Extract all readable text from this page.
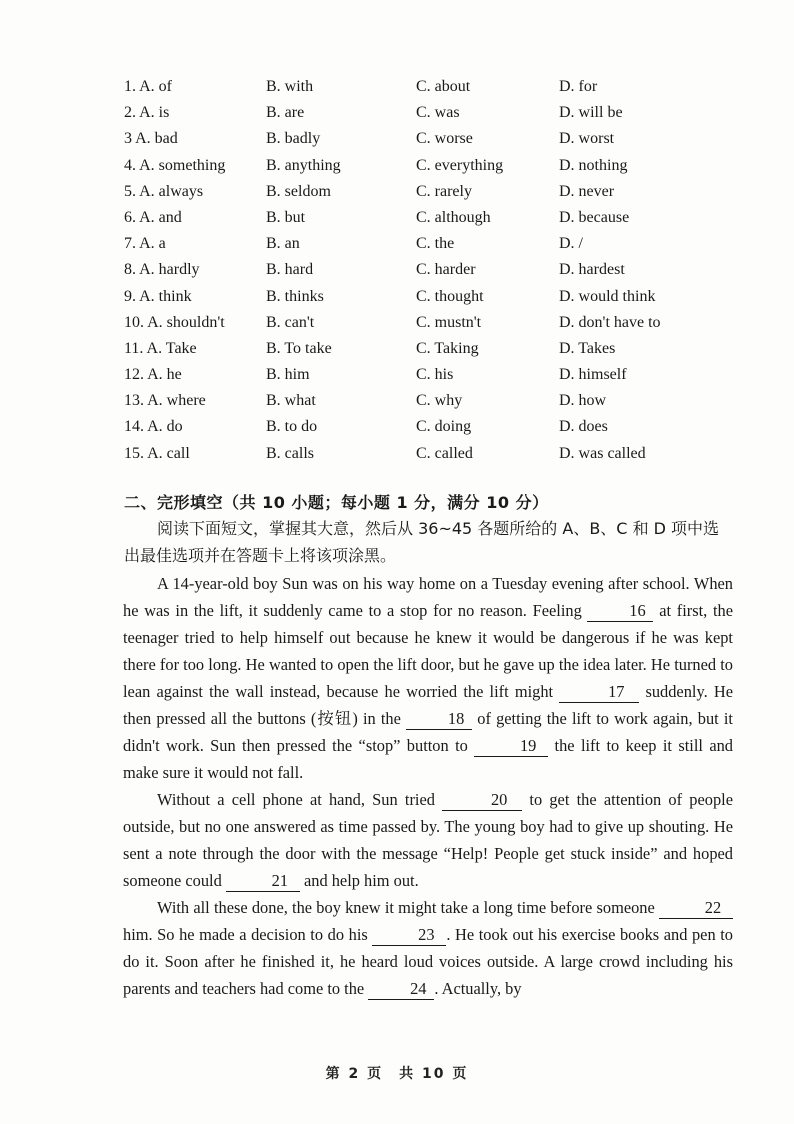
1. A. of	B. with	C. about	D. for
2. A. is	B. are	C. was	D. will be
3 A. bad	B. badly	C. worse	D. worst
4. A. something	B. anything	C. everything	D. nothing
5. A. always	B. seldom	C. rarely	D. never
6. A. and	B. but	C. although	D. because
7. A. a	B. an	C. the	D. /
8. A. hardly	B. hard	C. harder	D. hardest
9. A. think	B. thinks	C. thought	D. would think
10. A. shouldn't	B. can't	C. mustn't	D. don't have to
11. A. Take	B. To take	C. Taking	D. Takes
12. A. he	B. him	C. his	D. himself
13. A. where	B. what	C. why	D. how
14. A. do	B. to do	C. doing	D. does
15. A. call	B. calls	C. called	D. was called
二、完形填空（共 10 小题；每小题 1 分，满分 10 分）
阅读下面短文，掌握其大意，然后从 36~45 各题所给的 A、B、C 和 D 项中选出最佳选项并在答题卡上将该项涂黑。

A 14-year-old boy Sun was on his way home on a Tuesday evening after school. When he was in the lift, it suddenly came to a stop for no reason. Feeling	16 at first, the teenager tried to help himself out because he knew it would be dangerous if he was kept there for too long. He wanted to open the lift door, but he gave up the idea later. He turned to lean against the wall instead, because he worried the lift might	17 suddenly. He then pressed all the buttons (按钮) in the	18 of getting the lift to work again, but it didn't work. Sun then pressed the “stop” button to	19 the lift to keep it still and make sure it would not fall.

Without a cell phone at hand, Sun tried	20 to get the attention of people outside, but no one answered as time passed by. The young boy had to give up shouting. He sent a note through the door with the message “Help! People get stuck inside” and hoped someone could	21 and help him out.

With all these done, the boy knew it might take a long time before someone	22 him. So he made a decision to do his	23 . He took out his exercise books and pen to do it. Soon after he finished it, he heard loud voices outside. A large crowd including his parents and teachers had come to the	24 . Actually, by

第 2 页　共 10 页
